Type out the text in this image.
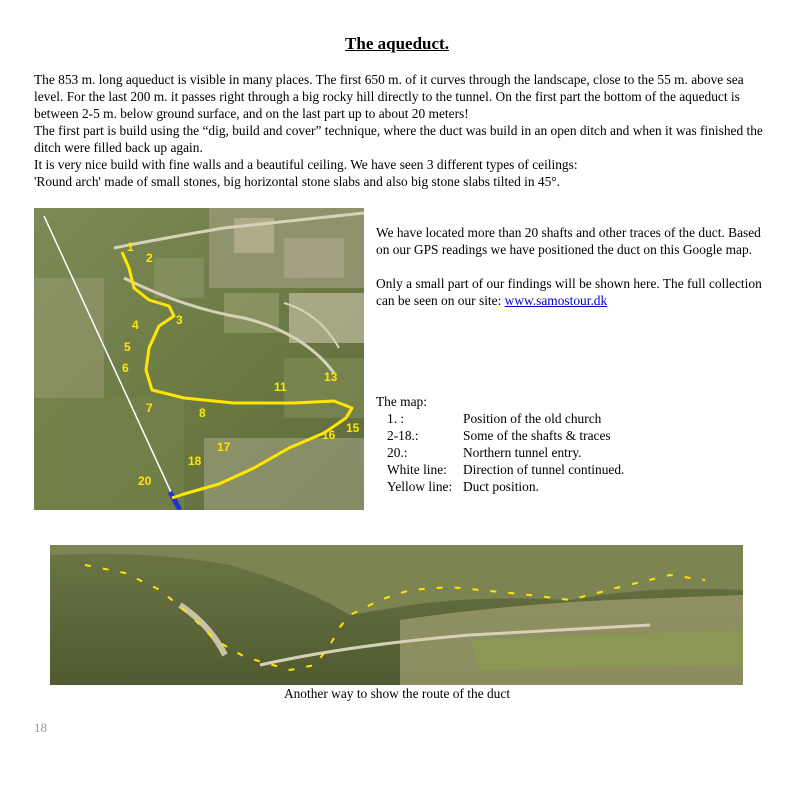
The aqueduct.

The 853 m. long aqueduct is visible in many places. The first 650 m. of it curves through the landscape, close to the 55 m. above sea level. For the last 200 m. it passes right through a big rocky hill directly to the tunnel. On the first part the bottom of the aqueduct is between 2-5 m. below ground surface, and on the last part up to about 20 meters!

The first part is build using the “dig, build and cover” technique, where the duct was build in an open ditch and when it was finished the ditch were filled back up again.

It is very nice build with fine walls and a beautiful ceiling. We have seen 3 different types of ceilings:

'Round arch' made of small stones, big horizontal stone slabs and also big stone slabs tilted in 45°.

1
2
3
4
5
6
7	8
11
13
15
16
17
18
20

We have located more than 20 shafts and other traces of the duct. Based on our GPS readings we have positioned the duct on this Google map.

Only a small part of our findings will be shown here. The full collection can be seen on our site: www.samostour.dk

The map:
1. :	Position of the old church
2-18.:	Some of the shafts & traces
20.:	Northern tunnel entry.
White line:	Direction of tunnel continued.
Yellow line: Duct position.
Another way to show the route of the duct
18
